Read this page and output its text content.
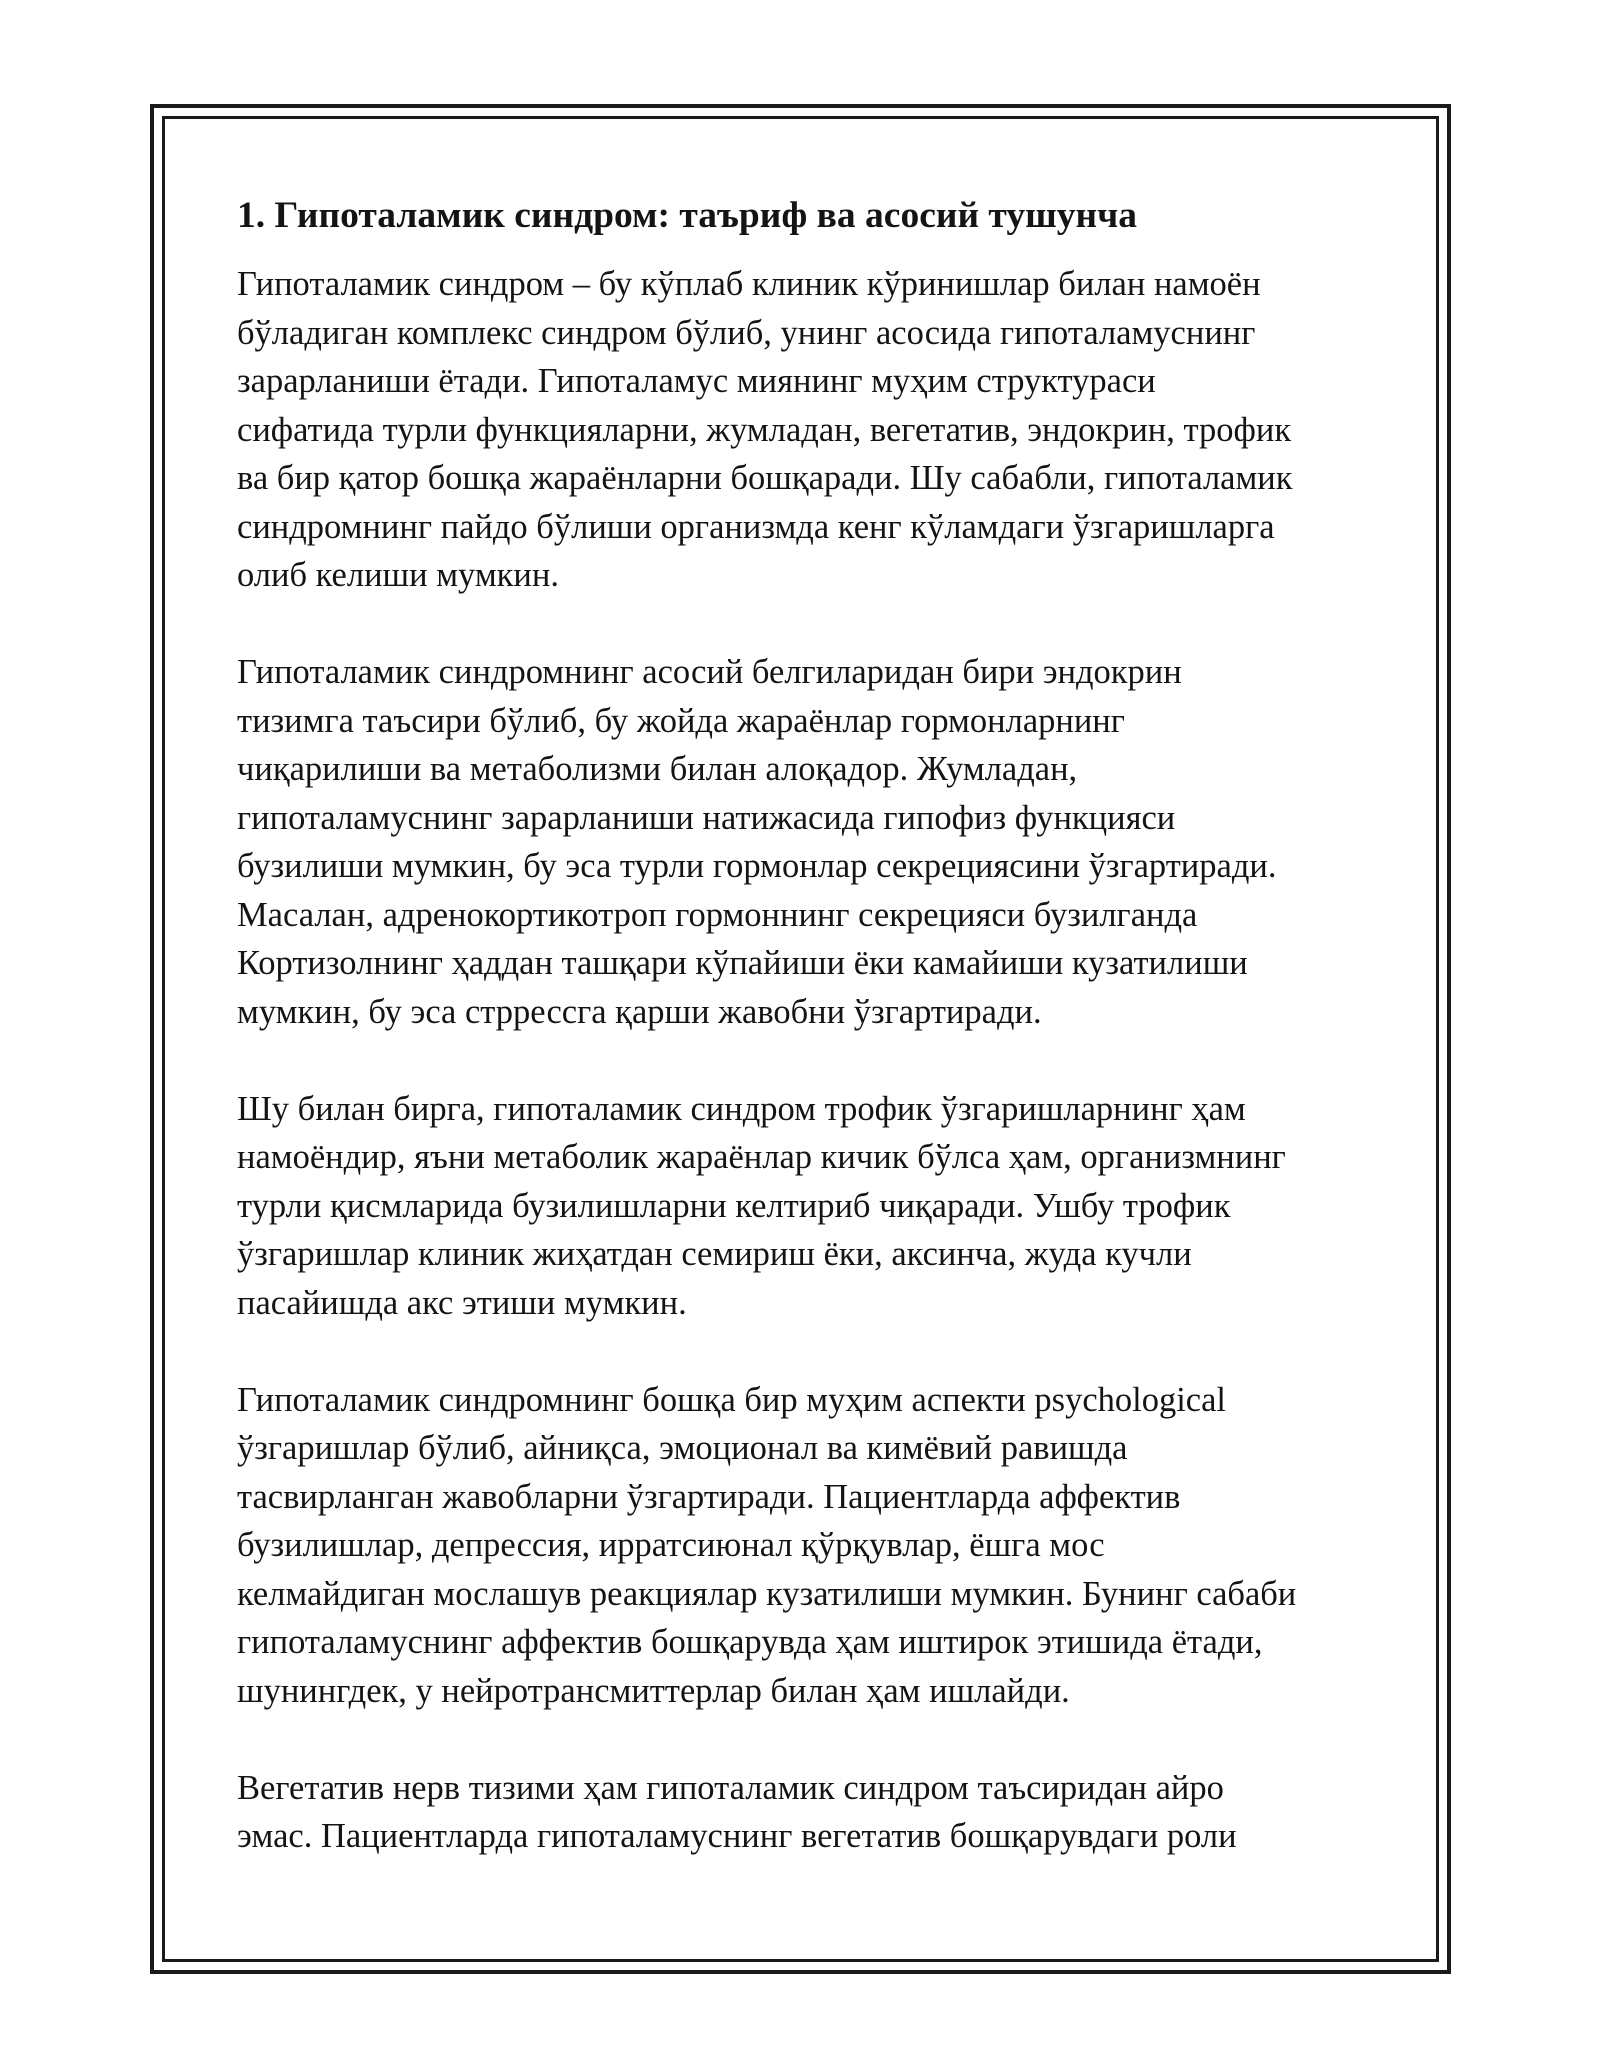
1. Гипоталамик синдром: таъриф ва асосий тушунча
Гипоталамик синдром – бу кўплаб клиник кўринишлар билан намоён
бўладиган комплекс синдром бўлиб, унинг асосида гипоталамуснинг
зарарланиши ётади. Гипоталамус миянинг муҳим структураси
сифатида турли функцияларни, жумладан, вегетатив, эндокрин, трофик
ва бир қатор бошқа жараёнларни бошқаради. Шу сабабли, гипоталамик
синдромнинг пайдо бўлиши организмда кенг кўламдаги ўзгаришларга
олиб келиши мумкин.
Гипоталамик синдромнинг асосий белгиларидан бири эндокрин
тизимга таъсири бўлиб, бу жойда жараёнлар гормонларнинг
чиқарилиши ва метаболизми билан алоқадор. Жумладан,
гипоталамуснинг зарарланиши натижасида гипофиз функцияси
бузилиши мумкин, бу эса турли гормонлар секрециясини ўзгартиради.
Масалан, адренокортикотроп гормоннинг секрецияси бузилганда
Кортизолнинг ҳаддан ташқари кўпайиши ёки камайиши кузатилиши
мумкин, бу эса стррессга қарши жавобни ўзгартиради.
Шу билан бирга, гипоталамик синдром трофик ўзгаришларнинг ҳам
намоёндир, яъни метаболик жараёнлар кичик бўлса ҳам, организмнинг
турли қисмларида бузилишларни келтириб чиқаради. Ушбу трофик
ўзгаришлар клиник жиҳатдан семириш ёки, аксинча, жуда кучли
пасайишда акс этиши мумкин.
Гипоталамик синдромнинг бошқа бир муҳим аспекти psychological
ўзгаришлар бўлиб, айниқса, эмоционал ва кимёвий равишда
тасвирланган жавобларни ўзгартиради. Пациентларда аффектив
бузилишлар, депрессия, ирратсиюнал қўрқувлар, ёшга мос
келмайдиган мослашув реакциялар кузатилиши мумкин. Бунинг сабаби
гипоталамуснинг аффектив бошқарувда ҳам иштирок этишида ётади,
шунингдек, у нейротрансмиттерлар билан ҳам ишлайди.
Вегетатив нерв тизими ҳам гипоталамик синдром таъсиридан айро
эмас. Пациентларда гипоталамуснинг вегетатив бошқарувдаги роли
